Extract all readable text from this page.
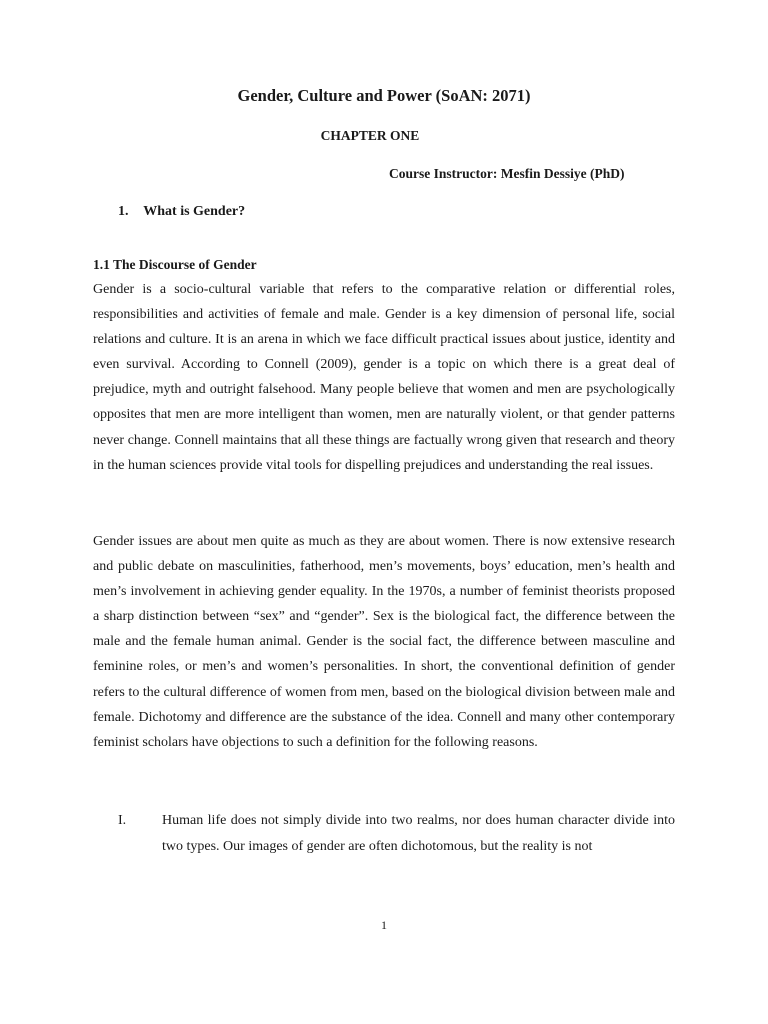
Gender, Culture and Power (SoAN: 2071)

CHAPTER ONE

Course Instructor: Mesfin Dessiye (PhD)

1. What is Gender?
1.1 The Discourse of Gender

Gender is a socio-cultural variable that refers to the comparative relation or differential roles, responsibilities and activities of female and male. Gender is a key dimension of personal life, social relations and culture. It is an arena in which we face difficult practical issues about justice, identity and even survival. According to Connell (2009), gender is a topic on which there is a great deal of prejudice, myth and outright falsehood. Many people believe that women and men are psychologically opposites that men are more intelligent than women, men are naturally violent, or that gender patterns never change. Connell maintains that all these things are factually wrong given that research and theory in the human sciences provide vital tools for dispelling prejudices and understanding the real issues.

Gender issues are about men quite as much as they are about women. There is now extensive research and public debate on masculinities, fatherhood, men’s movements, boys’ education, men’s health and men’s involvement in achieving gender equality. In the 1970s, a number of feminist theorists proposed a sharp distinction between “sex” and “gender”. Sex is the biological fact, the difference between the male and the female human animal. Gender is the social fact, the difference between masculine and feminine roles, or men’s and women’s personalities. In short, the conventional definition of gender refers to the cultural difference of women from men, based on the biological division between male and female. Dichotomy and difference are the substance of the idea. Connell and many other contemporary feminist scholars have objections to such a definition for the following reasons.

I.	Human life does not simply divide into two realms, nor does human character divide into two types. Our images of gender are often dichotomous, but the reality is not

1
